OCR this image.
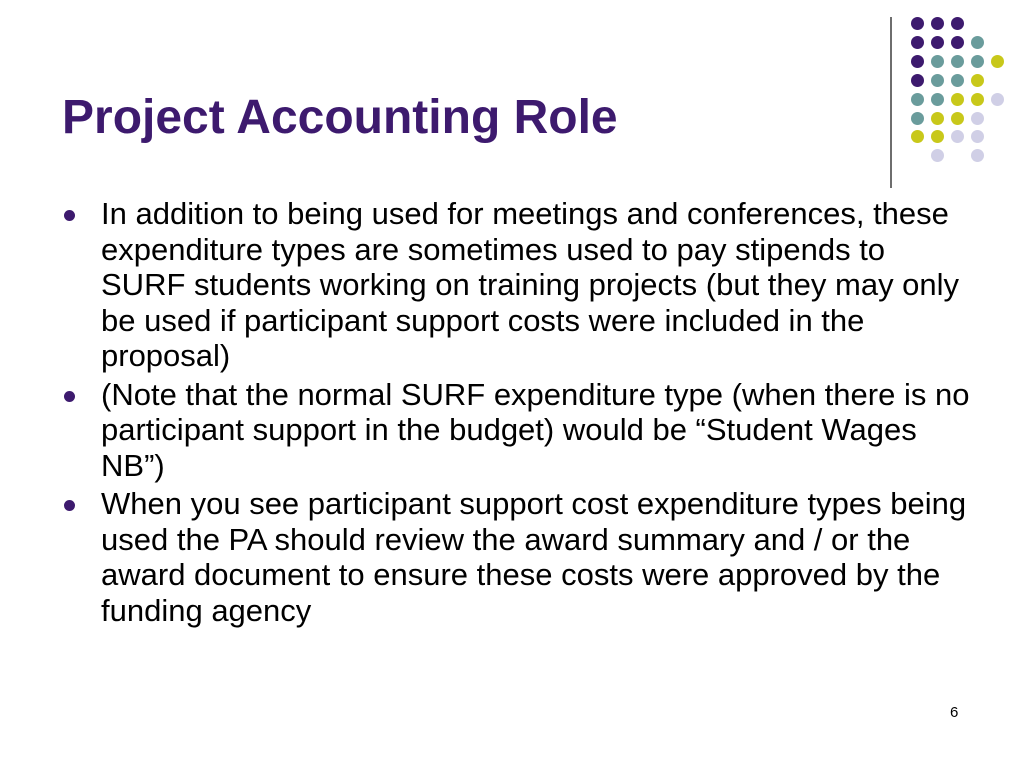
Project Accounting Role
In addition to being used for meetings and conferences, these expenditure types are sometimes used to pay stipends to SURF students working on training projects (but they may only be used if participant support costs were included in the proposal)
(Note that the normal SURF expenditure type (when there is no participant support in the budget) would be “Student Wages NB”)
When you see participant support cost expenditure types being used the PA should review the award summary and / or the award document to ensure these costs were approved by the funding agency
6
